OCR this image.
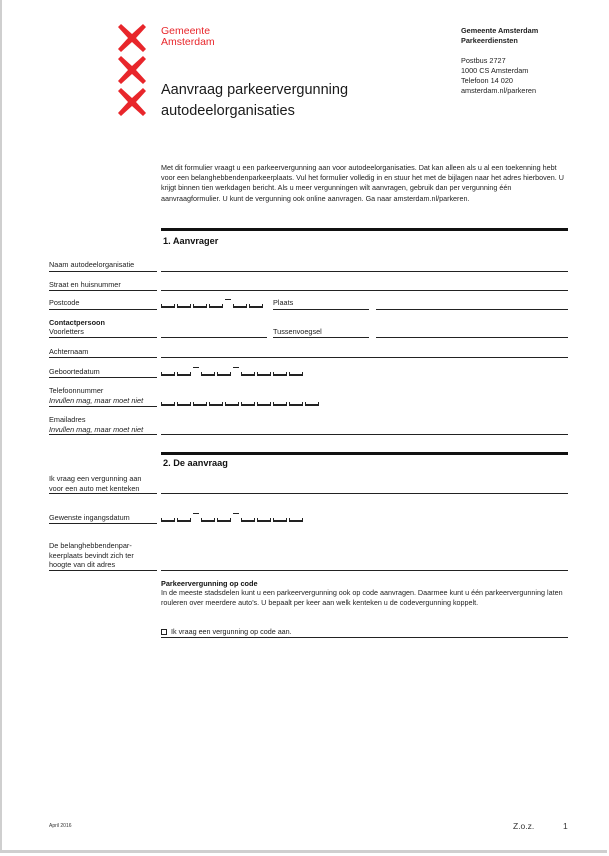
Gemeente
Amsterdam
Aanvraag parkeervergunning
autodeelorganisaties
Gemeente Amsterdam
Parkeerdiensten
Postbus 2727
1000 CS Amsterdam
Telefoon 14 020
amsterdam.nl/parkeren
Met dit formulier vraagt u een parkeervergunning aan voor autodeelorganisaties. Dat kan alleen als u al een toekenning hebt voor een belanghebbendenparkeerplaats. Vul het formulier volledig in en stuur het met de bijlagen naar het adres hierboven. U krijgt binnen tien werkdagen bericht. Als u meer vergunningen wilt aanvragen, gebruik dan per vergunning één aanvraagformulier. U kunt de vergunning ook online aanvragen. Ga naar amsterdam.nl/parkeren.
1. Aanvrager
Naam autodeelorganisatie
Straat en huisnummer
Postcode	Plaats
Contactpersoon
Voorletters	Tussenvoegsel
Achternaam
Geboortedatum
Telefoonnummer
Invullen mag, maar moet niet
Emailadres
Invullen mag, maar moet niet
2. De aanvraag
Ik vraag een vergunning aan
voor een auto met kenteken
Gewenste ingangsdatum
De belanghebbendenpar-
keerplaats bevindt zich ter
hoogte van dit adres
Parkeervergunning op code
In de meeste stadsdelen kunt u een parkeervergunning ook op code aanvragen. Daarmee kunt u één parkeervergunning laten rouleren over meerdere auto’s. U bepaalt per keer aan welk kenteken u de codevergunning koppelt.
Ik vraag een vergunning op code aan.
April 2016	Z.o.z.	1
